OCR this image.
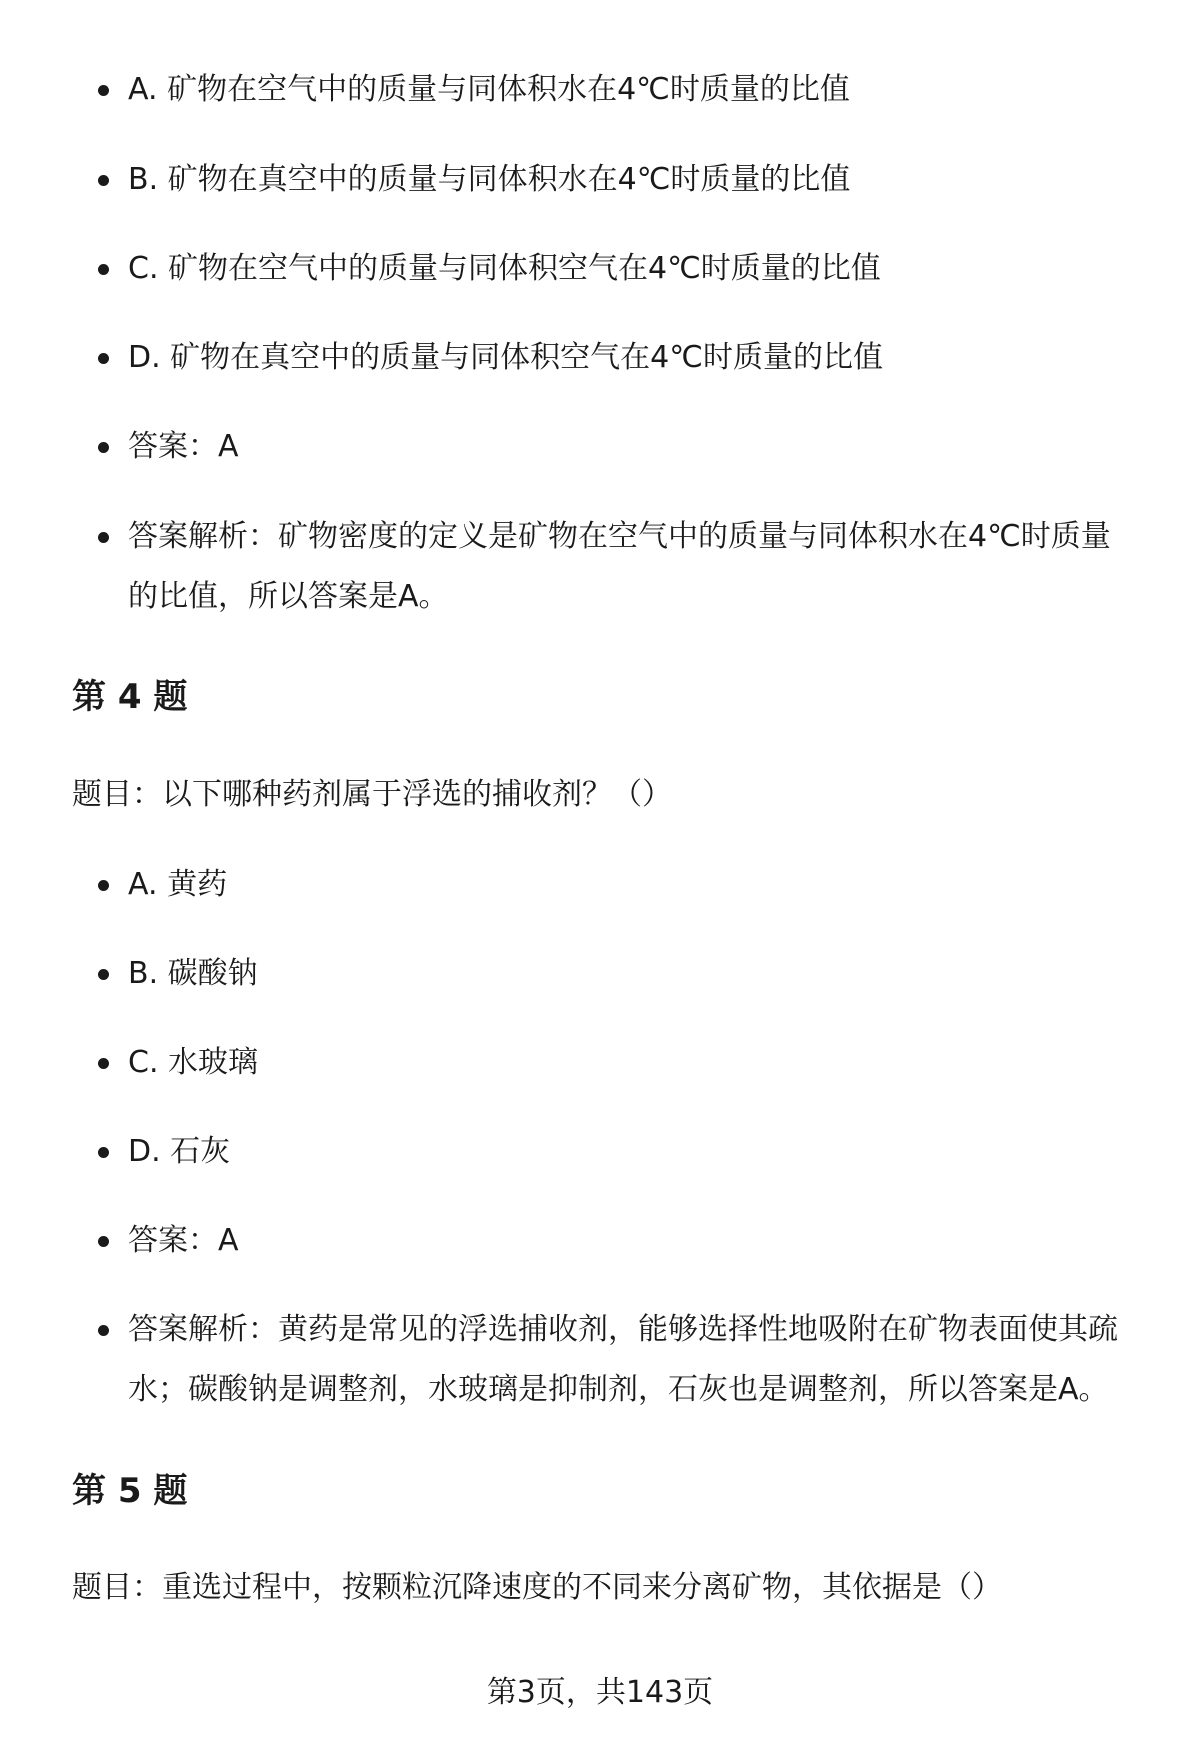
A. 矿物在空气中的质量与同体积水在4℃时质量的比值
B. 矿物在真空中的质量与同体积水在4℃时质量的比值
C. 矿物在空气中的质量与同体积空气在4℃时质量的比值
D. 矿物在真空中的质量与同体积空气在4℃时质量的比值
答案：A
答案解析：矿物密度的定义是矿物在空气中的质量与同体积水在4℃时质量的比值，所以答案是A。
第 4 题

题目：以下哪种药剂属于浮选的捕收剂？（）

A. 黄药
B. 碳酸钠
C. 水玻璃
D. 石灰
答案：A
答案解析：黄药是常见的浮选捕收剂，能够选择性地吸附在矿物表面使其疏水；碳酸钠是调整剂，水玻璃是抑制剂，石灰也是调整剂，所以答案是A。
第 5 题

题目：重选过程中，按颗粒沉降速度的不同来分离矿物，其依据是（）

第3页，共143页
